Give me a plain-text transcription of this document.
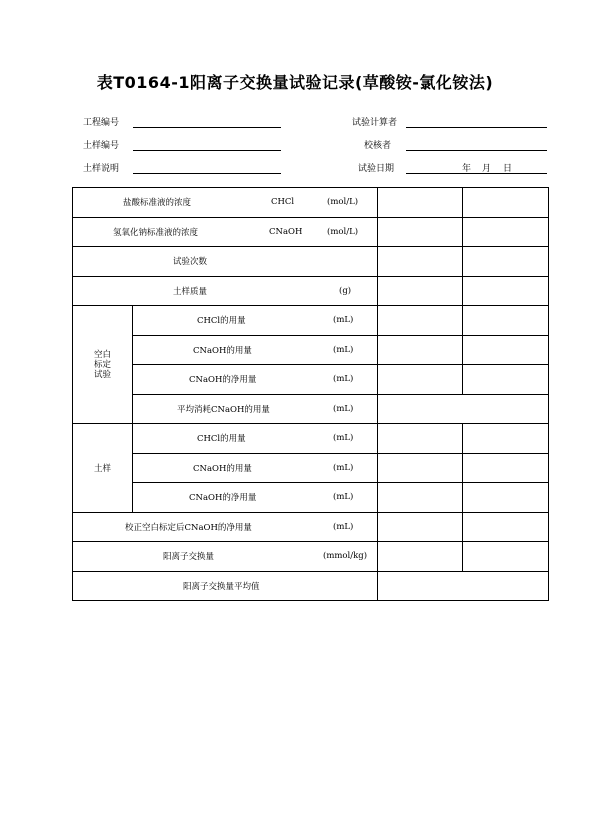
表T0164-1阳离子交换量试验记录(草酸铵-氯化铵法)
工程编号	试验计算者
土样编号	校核者
土样说明	试验日期	年 月 日
盐酸标准液的浓度 CHCl (mol/L)			

氢氧化钠标准液的浓度 CNaOH (mol/L)			

试验次数			

土样质量 (g)			

空白标定试验	CHCl的用量 (mL)		

	CNaOH的用量 (mL)		

	CNaOH的净用量 (mL)		

	平均消耗CNaOH的用量 (mL)		

土样	CHCl的用量 (mL)		

	CNaOH的用量 (mL)		

	CNaOH的净用量 (mL)		

校正空白标定后CNaOH的净用量 (mL)			

阳离子交换量 (mmol/kg)			

阳离子交换量平均值			
